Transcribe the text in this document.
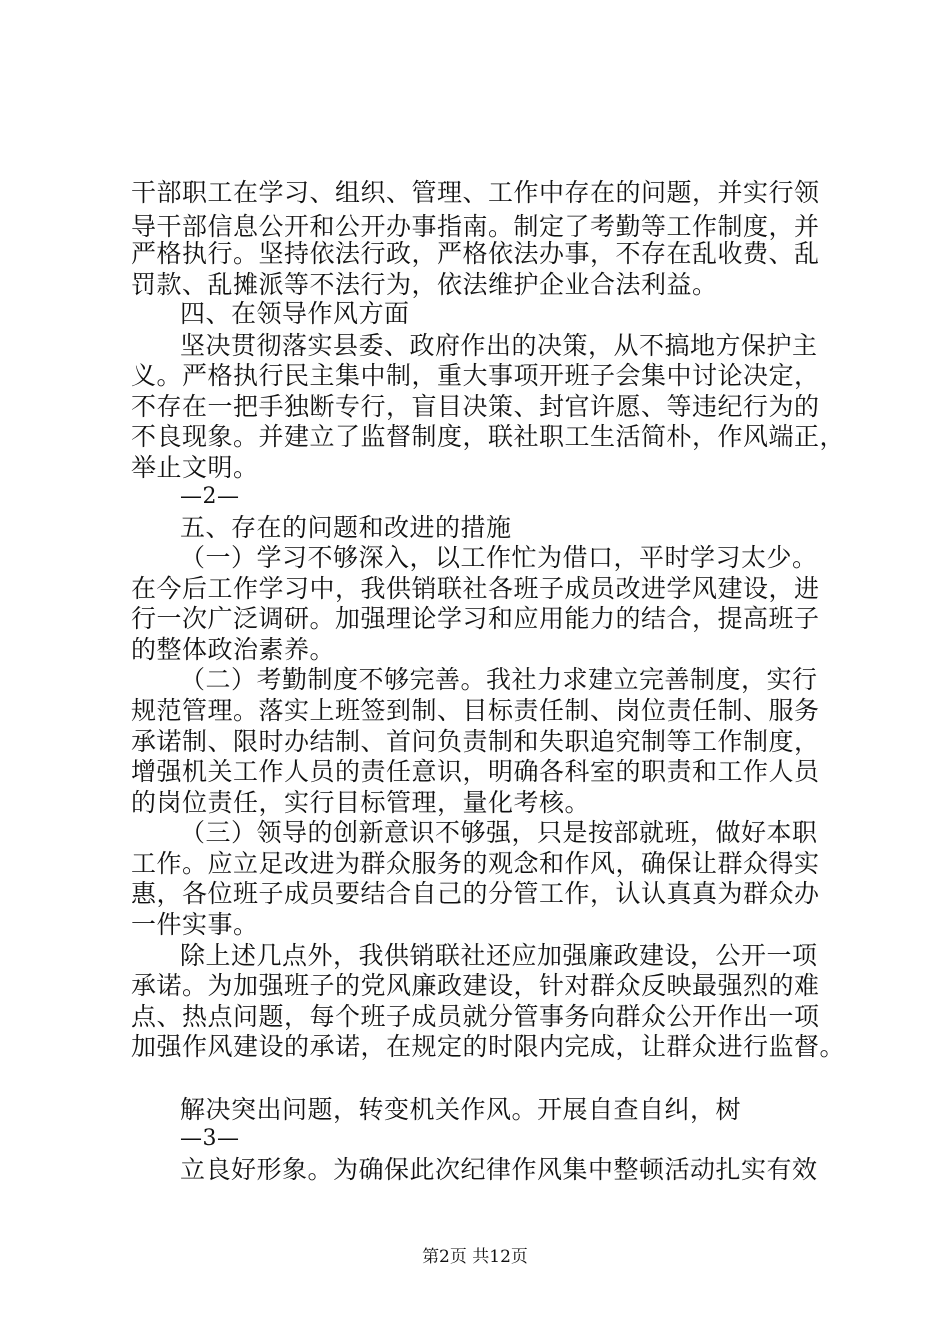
干部职工在学习、组织、管理、工作中存在的问题，并实行领
导干部信息公开和公开办事指南。制定了考勤等工作制度，并
严格执行。坚持依法行政，严格依法办事，不存在乱收费、乱
罚款、乱摊派等不法行为，依法维护企业合法利益。
四、在领导作风方面
坚决贯彻落实县委、政府作出的决策，从不搞地方保护主
义。严格执行民主集中制，重大事项开班子会集中讨论决定，
不存在一把手独断专行，盲目决策、封官许愿、等违纪行为的
不良现象。并建立了监督制度，联社职工生活简朴，作风端正，
举止文明。
—2—
五、存在的问题和改进的措施
（一）学习不够深入，以工作忙为借口，平时学习太少。
在今后工作学习中，我供销联社各班子成员改进学风建设，进
行一次广泛调研。加强理论学习和应用能力的结合，提高班子
的整体政治素养。
（二）考勤制度不够完善。我社力求建立完善制度，实行
规范管理。落实上班签到制、目标责任制、岗位责任制、服务
承诺制、限时办结制、首问负责制和失职追究制等工作制度，
增强机关工作人员的责任意识，明确各科室的职责和工作人员
的岗位责任，实行目标管理，量化考核。
（三）领导的创新意识不够强，只是按部就班，做好本职
工作。应立足改进为群众服务的观念和作风，确保让群众得实
惠，各位班子成员要结合自己的分管工作，认认真真为群众办
一件实事。
除上述几点外，我供销联社还应加强廉政建设，公开一项
承诺。为加强班子的党风廉政建设，针对群众反映最强烈的难
点、热点问题，每个班子成员就分管事务向群众公开作出一项
加强作风建设的承诺，在规定的时限内完成，让群众进行监督。
解决突出问题，转变机关作风。开展自查自纠，树
—3—
立良好形象。为确保此次纪律作风集中整顿活动扎实有效
第2页 共12页
